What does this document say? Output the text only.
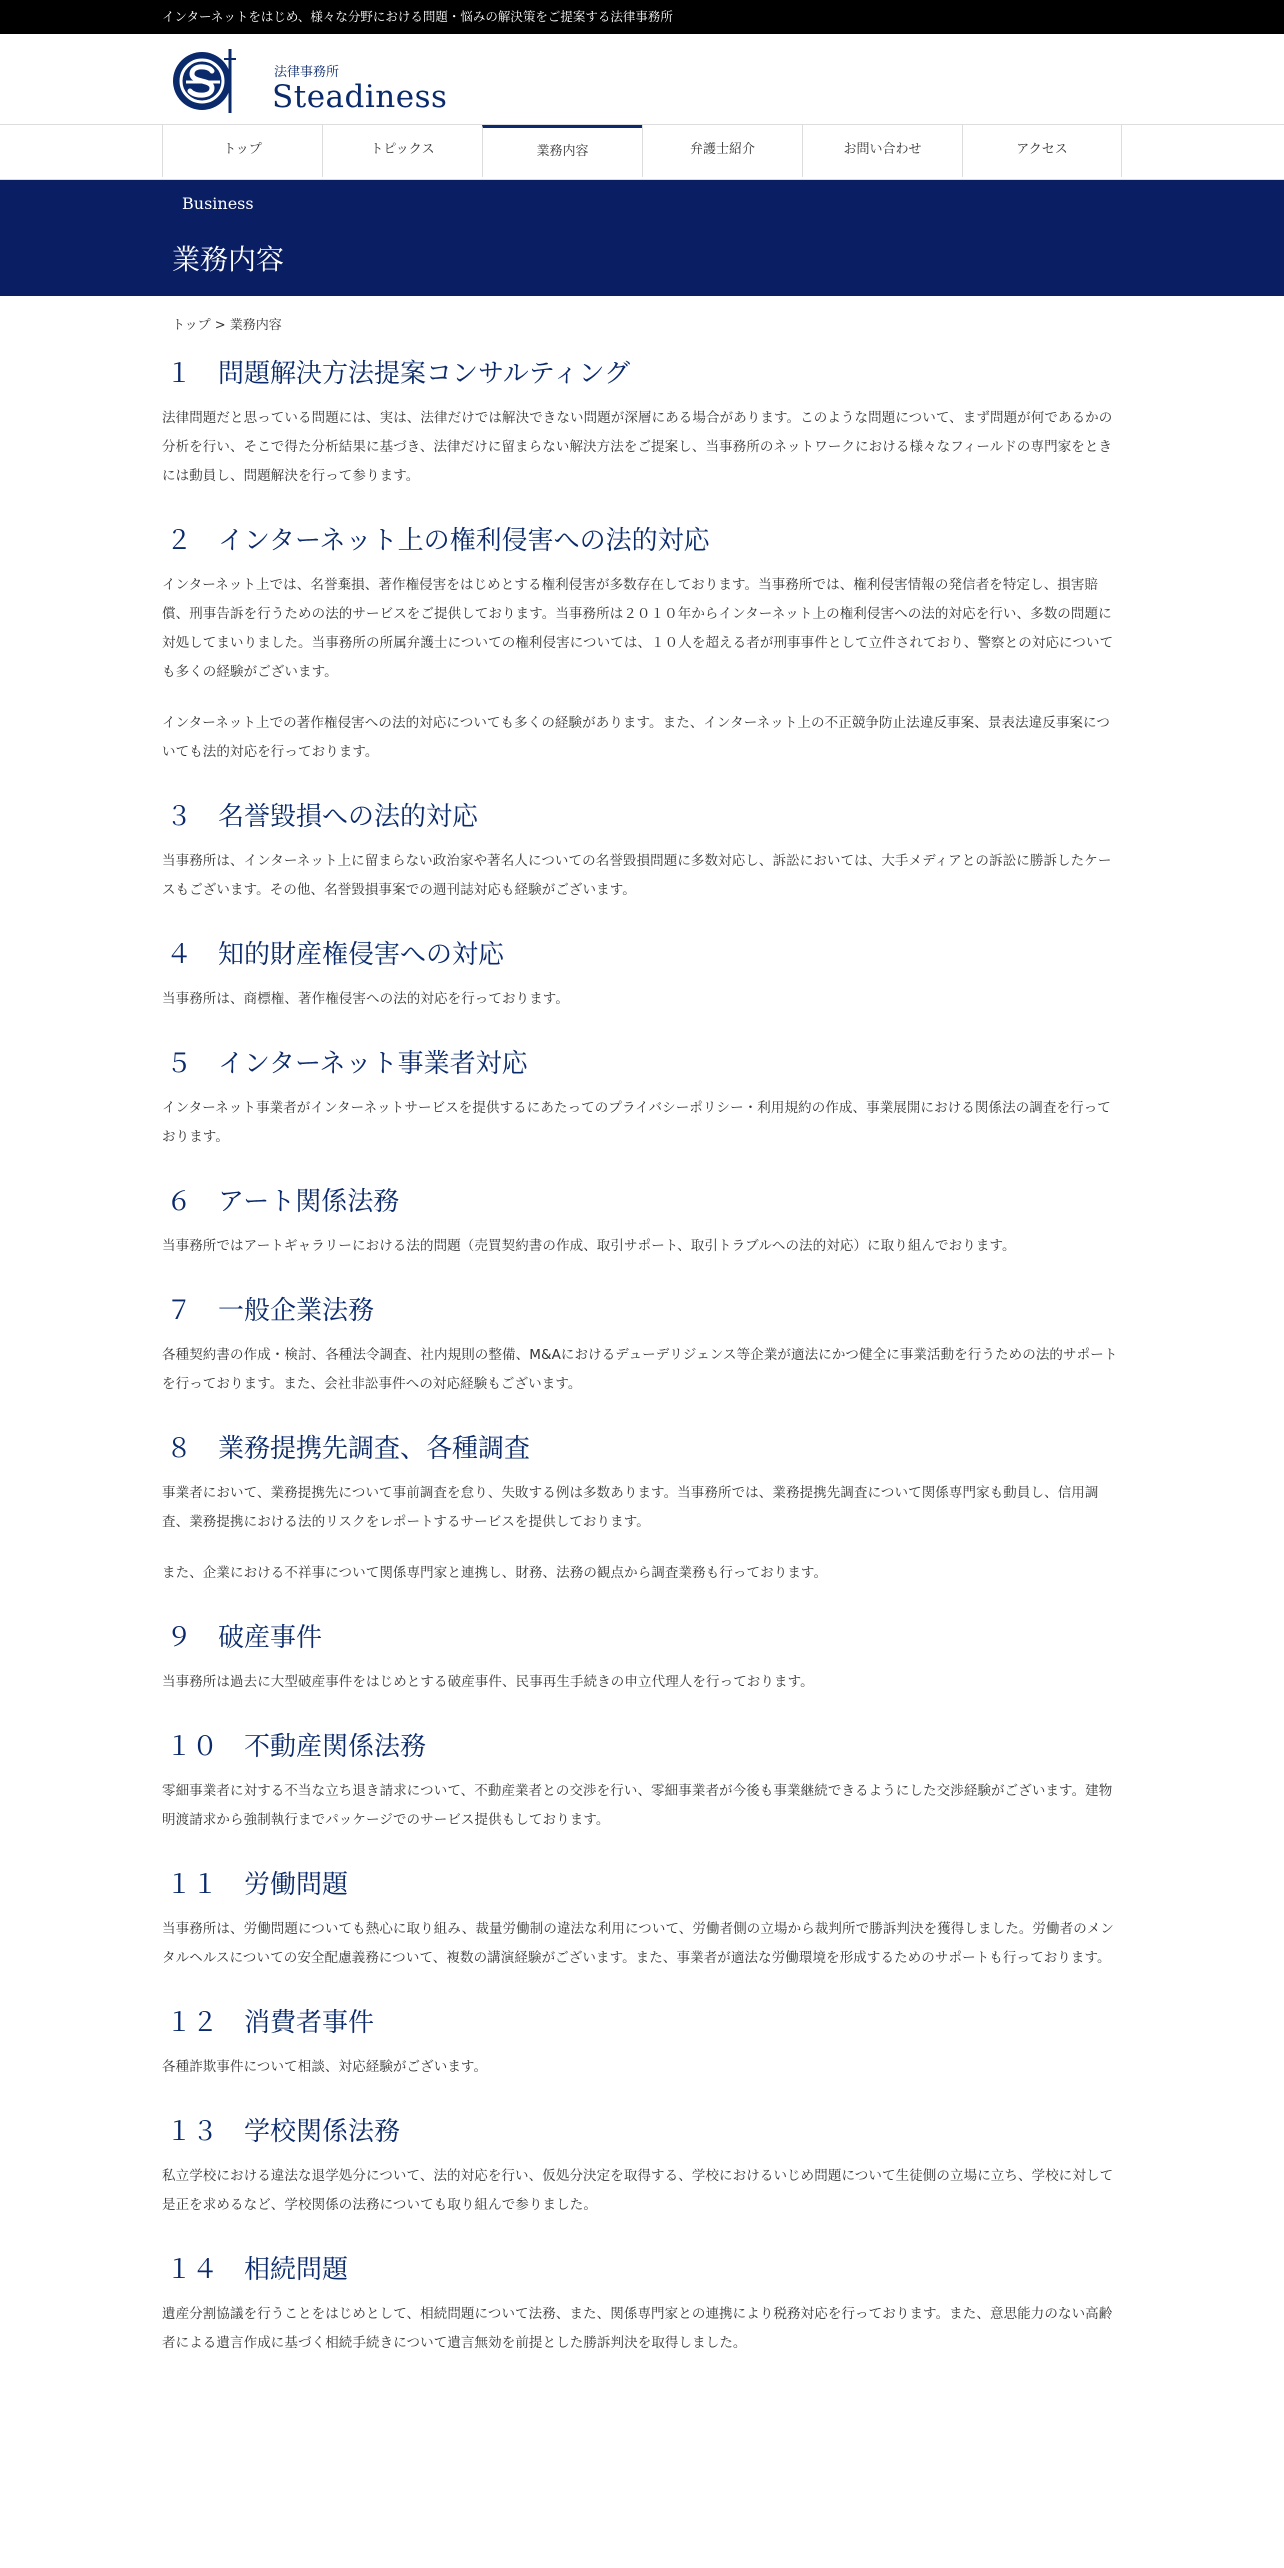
インターネットをはじめ、様々な分野における問題・悩みの解決策をご提案する法律事務所
法律事務所
Steadiness
トップ	トピックス	業務内容	弁護士紹介	お問い合わせ	アクセス
Business
業務内容
トップ > 業務内容
１　問題解決方法提案コンサルティング

法律問題だと思っている問題には、実は、法律だけでは解決できない問題が深層にある場合があります。このような問題について、まず問題が何であるかの分析を行い、そこで得た分析結果に基づき、法律だけに留まらない解決方法をご提案し、当事務所のネットワークにおける様々なフィールドの専門家をときには動員し、問題解決を行って参ります。

２　インターネット上の権利侵害への法的対応

インターネット上では、名誉棄損、著作権侵害をはじめとする権利侵害が多数存在しております。当事務所では、権利侵害情報の発信者を特定し、損害賠償、刑事告訴を行うための法的サービスをご提供しております。当事務所は２０１０年からインターネット上の権利侵害への法的対応を行い、多数の問題に対処してまいりました。当事務所の所属弁護士についての権利侵害については、１０人を超える者が刑事事件として立件されており、警察との対応についても多くの経験がございます。

インターネット上での著作権侵害への法的対応についても多くの経験があります。また、インターネット上の不正競争防止法違反事案、景表法違反事案についても法的対応を行っております。

３　名誉毀損への法的対応

当事務所は、インターネット上に留まらない政治家や著名人についての名誉毀損問題に多数対応し、訴訟においては、大手メディアとの訴訟に勝訴したケースもございます。その他、名誉毀損事案での週刊誌対応も経験がございます。

４　知的財産権侵害への対応

当事務所は、商標権、著作権侵害への法的対応を行っております。

５　インターネット事業者対応

インターネット事業者がインターネットサービスを提供するにあたってのプライバシーポリシー・利用規約の作成、事業展開における関係法の調査を行っております。

６　アート関係法務

当事務所ではアートギャラリーにおける法的問題（売買契約書の作成、取引サポート、取引トラブルへの法的対応）に取り組んでおります。

７　一般企業法務

各種契約書の作成・検討、各種法令調査、社内規則の整備、M&Aにおけるデューデリジェンス等企業が適法にかつ健全に事業活動を行うための法的サポートを行っております。また、会社非訟事件への対応経験もございます。

８　業務提携先調査、各種調査

事業者において、業務提携先について事前調査を怠り、失敗する例は多数あります。当事務所では、業務提携先調査について関係専門家も動員し、信用調査、業務提携における法的リスクをレポートするサービスを提供しております。

また、企業における不祥事について関係専門家と連携し、財務、法務の観点から調査業務も行っております。

９　破産事件

当事務所は過去に大型破産事件をはじめとする破産事件、民事再生手続きの申立代理人を行っております。

１０　不動産関係法務

零細事業者に対する不当な立ち退き請求について、不動産業者との交渉を行い、零細事業者が今後も事業継続できるようにした交渉経験がございます。建物明渡請求から強制執行までパッケージでのサービス提供もしております。

１１　労働問題

当事務所は、労働問題についても熱心に取り組み、裁量労働制の違法な利用について、労働者側の立場から裁判所で勝訴判決を獲得しました。労働者のメンタルヘルスについての安全配慮義務について、複数の講演経験がございます。また、事業者が適法な労働環境を形成するためのサポートも行っております。

１２　消費者事件

各種詐欺事件について相談、対応経験がございます。

１３　学校関係法務

私立学校における違法な退学処分について、法的対応を行い、仮処分決定を取得する、学校におけるいじめ問題について生徒側の立場に立ち、学校に対して是正を求めるなど、学校関係の法務についても取り組んで参りました。

１４　相続問題

遺産分割協議を行うことをはじめとして、相続問題について法務、また、関係専門家との連携により税務対応を行っております。また、意思能力のない高齢者による遺言作成に基づく相続手続きについて遺言無効を前提とした勝訴判決を取得しました。
